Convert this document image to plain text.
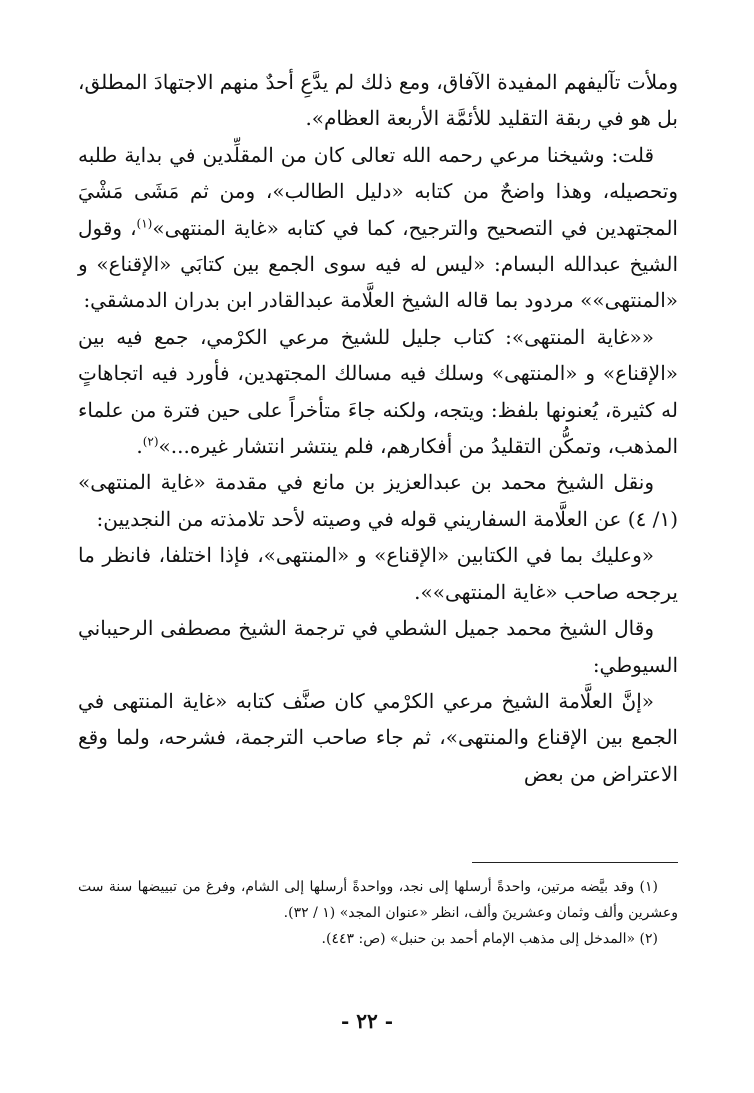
وملأت تآليفهم المفيدة الآفاق، ومع ذلك لم يدَّعِ أحدٌ منهم الاجتهادَ المطلق، بل هو في ربقة التقليد للأئمَّة الأربعة العظام».

قلت: وشيخنا مرعي رحمه الله تعالى كان من المقلِّدين في بداية طلبه وتحصيله، وهذا واضحٌ من كتابه «دليل الطالب»، ومن ثم مَشَى مَشْيَ المجتهدين في التصحيح والترجيح، كما في كتابه «غاية المنتهى»$^{(١)}$، وقول الشيخ عبدالله البسام: «ليس له فيه سوى الجمع بين كتابَي «الإقناع» و «المنتهى»» مردود بما قاله الشيخ العلَّامة عبدالقادر ابن بدران الدمشقي:

««غاية المنتهى»: كتاب جليل للشيخ مرعي الكرْمي، جمع فيه بين «الإقناع» و «المنتهى» وسلك فيه مسالك المجتهدين، فأورد فيه اتجاهاتٍ له كثيرة، يُعنونها بلفظ: ويتجه، ولكنه جاءَ متأخراً على حين فترة من علماء المذهب، وتمكُّن التقليدُ من أفكارهم، فلم ينتشر انتشار غيره...»$^{(٢)}$.

ونقل الشيخ محمد بن عبدالعزيز بن مانع في مقدمة «غاية المنتهى» (١/ ٤) عن العلَّامة السفاريني قوله في وصيته لأحد تلامذته من النجديين:

«وعليك بما في الكتابين «الإقناع» و «المنتهى»، فإذا اختلفا، فانظر ما يرجحه صاحب «غاية المنتهى»».

وقال الشيخ محمد جميل الشطي في ترجمة الشيخ مصطفى الرحيباني السيوطي:

«إنَّ العلَّامة الشيخ مرعي الكرْمي كان صنَّف كتابه «غاية المنتهى في الجمع بين الإقناع والمنتهى»، ثم جاء صاحب الترجمة، فشرحه، ولما وقع الاعتراض من بعض

(١) وقد بيَّضه مرتين، واحدةً أرسلها إلى نجد، وواحدةً أرسلها إلى الشام، وفرغ من تبييضها سنة ست وعشرين وألف وثمان وعشرينَ وألف، انظر «عنوان المجد» (١ / ٣٢).

(٢) «المدخل إلى مذهب الإمام أحمد بن حنبل» (ص: ٤٤٣).

- ٢٢ -
